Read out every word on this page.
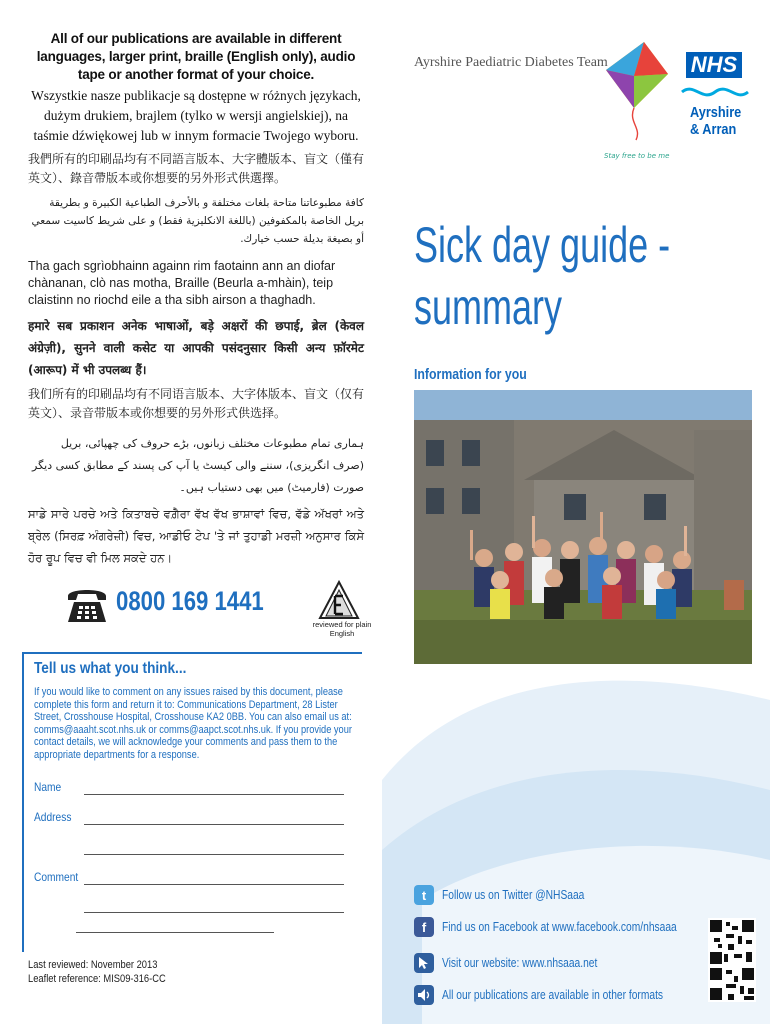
All of our publications are available in different languages, larger print, braille (English only), audio tape or another format of your choice.

Wszystkie nasze publikacje są dostępne w różnych językach, dużym drukiem, brajlem (tylko w wersji angielskiej), na taśmie dźwiękowej lub w innym formacie Twojego wyboru.

我們所有的印刷品均有不同語言版本、大字體版本、盲文（僅有英文）、錄音帶版本或你想要的另外形式供選擇。

كافة مطبوعاتنا متاحة بلغات مختلفة و بالأحرف الطباعية الكبيرة و بطريقة بريل الخاصة بالمكفوفين (باللغة الانكليزية فقط) و على شريط كاسيت سمعي أو بصيغة بديلة حسب خيارك.

Tha gach sgrìobhainn againn rim faotainn ann an diofar chànanan, clò nas motha, Braille (Beurla a-mhàin), teip claistinn no riochd eile a tha sibh airson a thaghadh.

हमारे सब प्रकाशन अनेक भाषाओं, बड़े अक्षरों की छपाई, ब्रेल (केवल अंग्रेज़ी), सुनने वाली कसेट या आपकी पसंदनुसार किसी अन्य फ़ॉरमेट (आरूप) में भी उपलब्ध हैं।

我们所有的印刷品均有不同语言版本、大字体版本、盲文（仅有英文）、录音带版本或你想要的另外形式供选择。

ہماری تمام مطبوعات مختلف زبانوں، بڑے حروف کی چھپائی، بریل (صرف انگریزی)، سننے والی کیسٹ یا آپ کی پسند کے مطابق کسی دیگر صورت (فارمیٹ) میں بھی دستیاب ہیں۔

ਸਾਡੇ ਸਾਰੇ ਪਰਚੇ ਅਤੇ ਕਿਤਾਬਚੇ ਵਗ਼ੈਰਾ ਵੱਖ ਵੱਖ ਭਾਸ਼ਾਵਾਂ ਵਿਚ, ਵੱਡੇ ਅੱਖਰਾਂ ਅਤੇ ਬ੍ਰੇਲ (ਸਿਰਫ਼ ਅੰਗਰੇਜ਼ੀ) ਵਿਚ, ਆਡੀਓ ਟੇਪ 'ਤੇ ਜਾਂ ਤੁਹਾਡੀ ਮਰਜ਼ੀ ਅਨੁਸਾਰ ਕਿਸੇ ਹੋਰ ਰੂਪ ਵਿਚ ਵੀ ਮਿਲ ਸਕਦੇ ਹਨ।

0800 169 1441
reviewed for plain English
Tell us what you think...
If you would like to comment on any issues raised by this document, please complete this form and return it to: Communications Department, 28 Lister Street, Crosshouse Hospital, Crosshouse KA2 0BB. You can also email us at: comms@aaaht.scot.nhs.uk or comms@aapct.scot.nhs.uk. If you provide your contact details, we will acknowledge your comments and pass them to the appropriate departments for a response.
Name
Address
Comment
Last reviewed: November 2013
Leaflet reference: MIS09-316-CC
Ayrshire Paediatric Diabetes Team
Stay free to be me
NHS
Ayrshire
& Arran
Sick day guide -
summary
Information for you
t	Follow us on Twitter @NHSaaa
f	Find us on Facebook at www.facebook.com/nhsaaa
Visit our website: www.nhsaaa.net
All our publications are available in other formats
